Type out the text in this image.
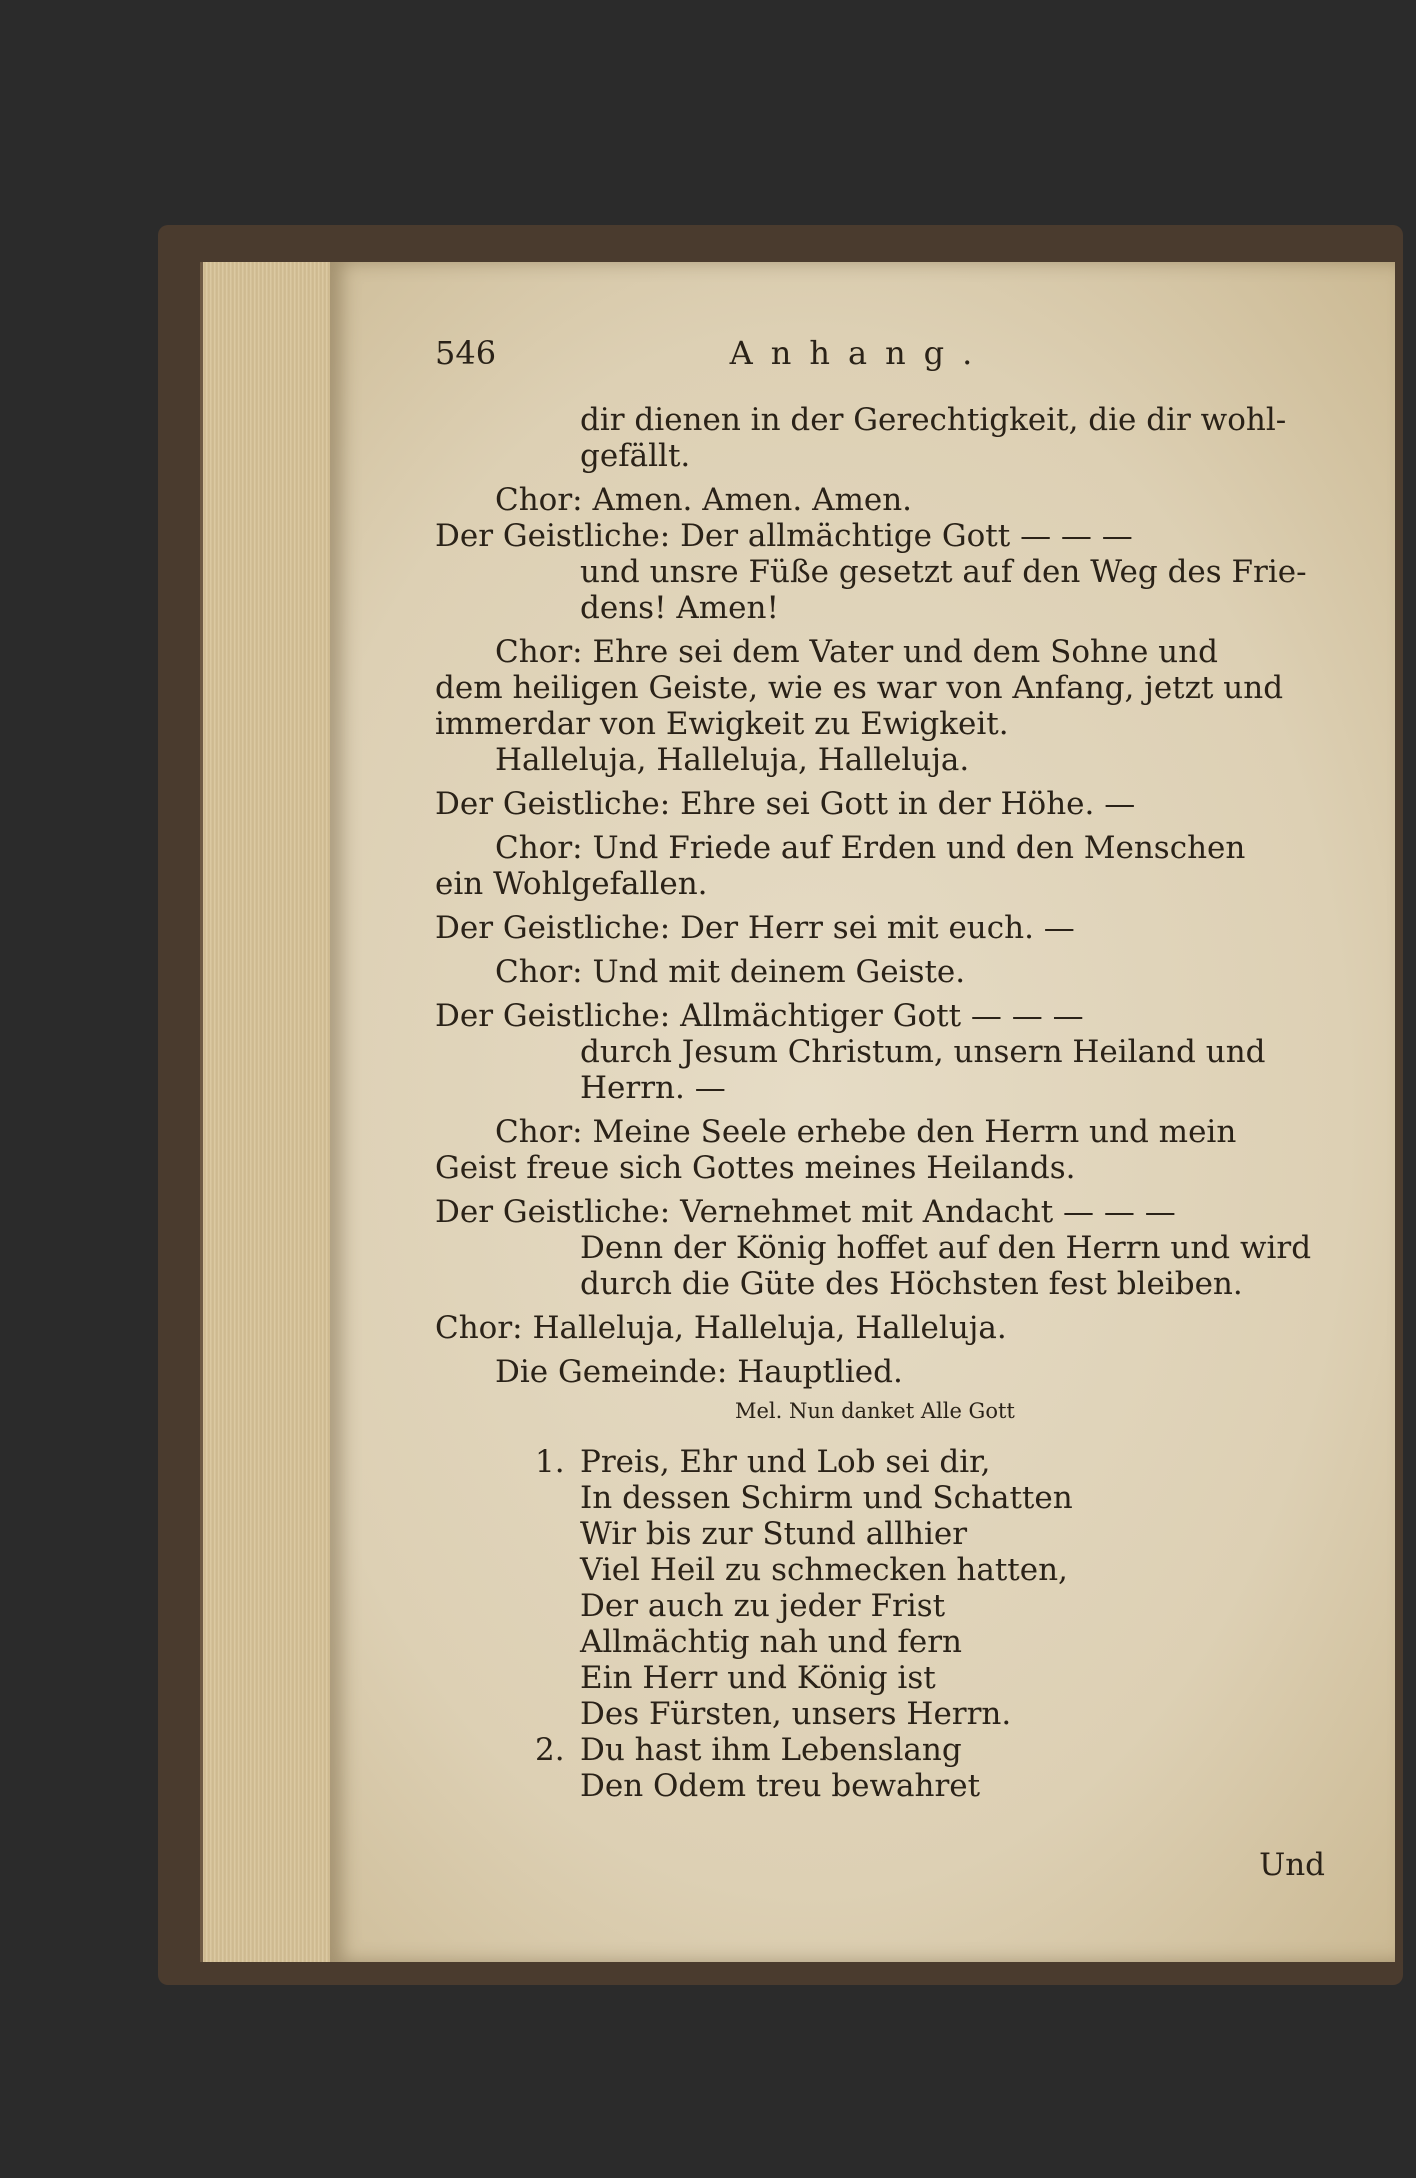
546	Anhang.
dir dienen in der Gerechtigkeit, die dir wohl-
gefällt.
Chor: Amen. Amen. Amen.
Der Geistliche: Der allmächtige Gott — — —
und unsre Füße gesetzt auf den Weg des Frie-
dens! Amen!
Chor: Ehre sei dem Vater und dem Sohne und
dem heiligen Geiste, wie es war von Anfang, jetzt und
immerdar von Ewigkeit zu Ewigkeit.
Halleluja, Halleluja, Halleluja.
Der Geistliche: Ehre sei Gott in der Höhe. —
Chor: Und Friede auf Erden und den Menschen
ein Wohlgefallen.
Der Geistliche: Der Herr sei mit euch. —
Chor: Und mit deinem Geiste.
Der Geistliche: Allmächtiger Gott — — —
durch Jesum Christum, unsern Heiland und
Herrn. —
Chor: Meine Seele erhebe den Herrn und mein
Geist freue sich Gottes meines Heilands.
Der Geistliche: Vernehmet mit Andacht — — —
Denn der König hoffet auf den Herrn und wird
durch die Güte des Höchsten fest bleiben.
Chor: Halleluja, Halleluja, Halleluja.
Die Gemeinde: Hauptlied.
Mel. Nun danket Alle Gott
1. Preis, Ehr und Lob sei dir,
In dessen Schirm und Schatten
Wir bis zur Stund allhier
Viel Heil zu schmecken hatten,
Der auch zu jeder Frist
Allmächtig nah und fern
Ein Herr und König ist
Des Fürsten, unsers Herrn.
2. Du hast ihm Lebenslang
Den Odem treu bewahret
Und
